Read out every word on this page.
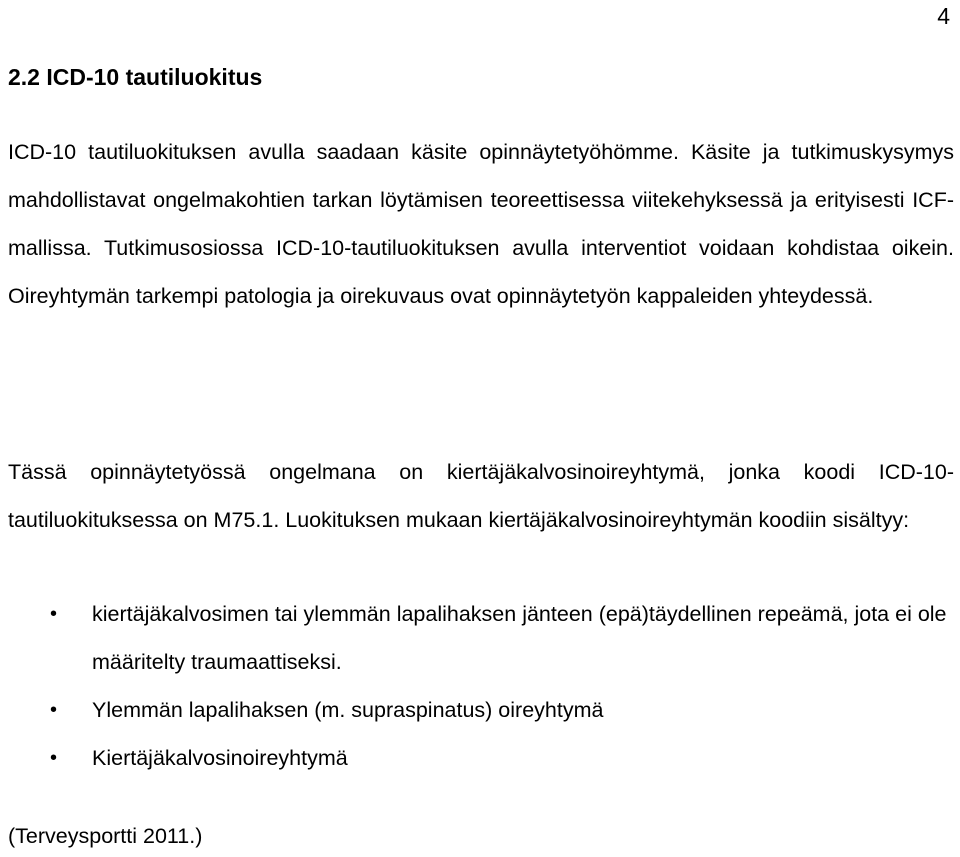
4
2.2 ICD-10 tautiluokitus

ICD-10 tautiluokituksen avulla saadaan käsite opinnäytetyöhömme. Käsite ja tutkimuskysymys mahdollistavat ongelmakohtien tarkan löytämisen teoreettisessa viitekehyksessä ja erityisesti ICF-mallissa. Tutkimusosiossa ICD-10-tautiluokituksen avulla interventiot voidaan kohdistaa oikein. Oireyhtymän tarkempi patologia ja oirekuvaus ovat opinnäytetyön kappaleiden yhteydessä.

Tässä opinnäytetyössä ongelmana on kiertäjäkalvosinoireyhtymä, jonka koodi ICD-10-tautiluokituksessa on M75.1. Luokituksen mukaan kiertäjäkalvosinoireyhtymän koodiin sisältyy:

• kiertäjäkalvosimen tai ylemmän lapalihaksen jänteen (epä)täydellinen repeämä, jota ei ole määritelty traumaattiseksi.
• Ylemmän lapalihaksen (m. supraspinatus) oireyhtymä
• Kiertäjäkalvosinoireyhtymä

(Terveysportti 2011.)
